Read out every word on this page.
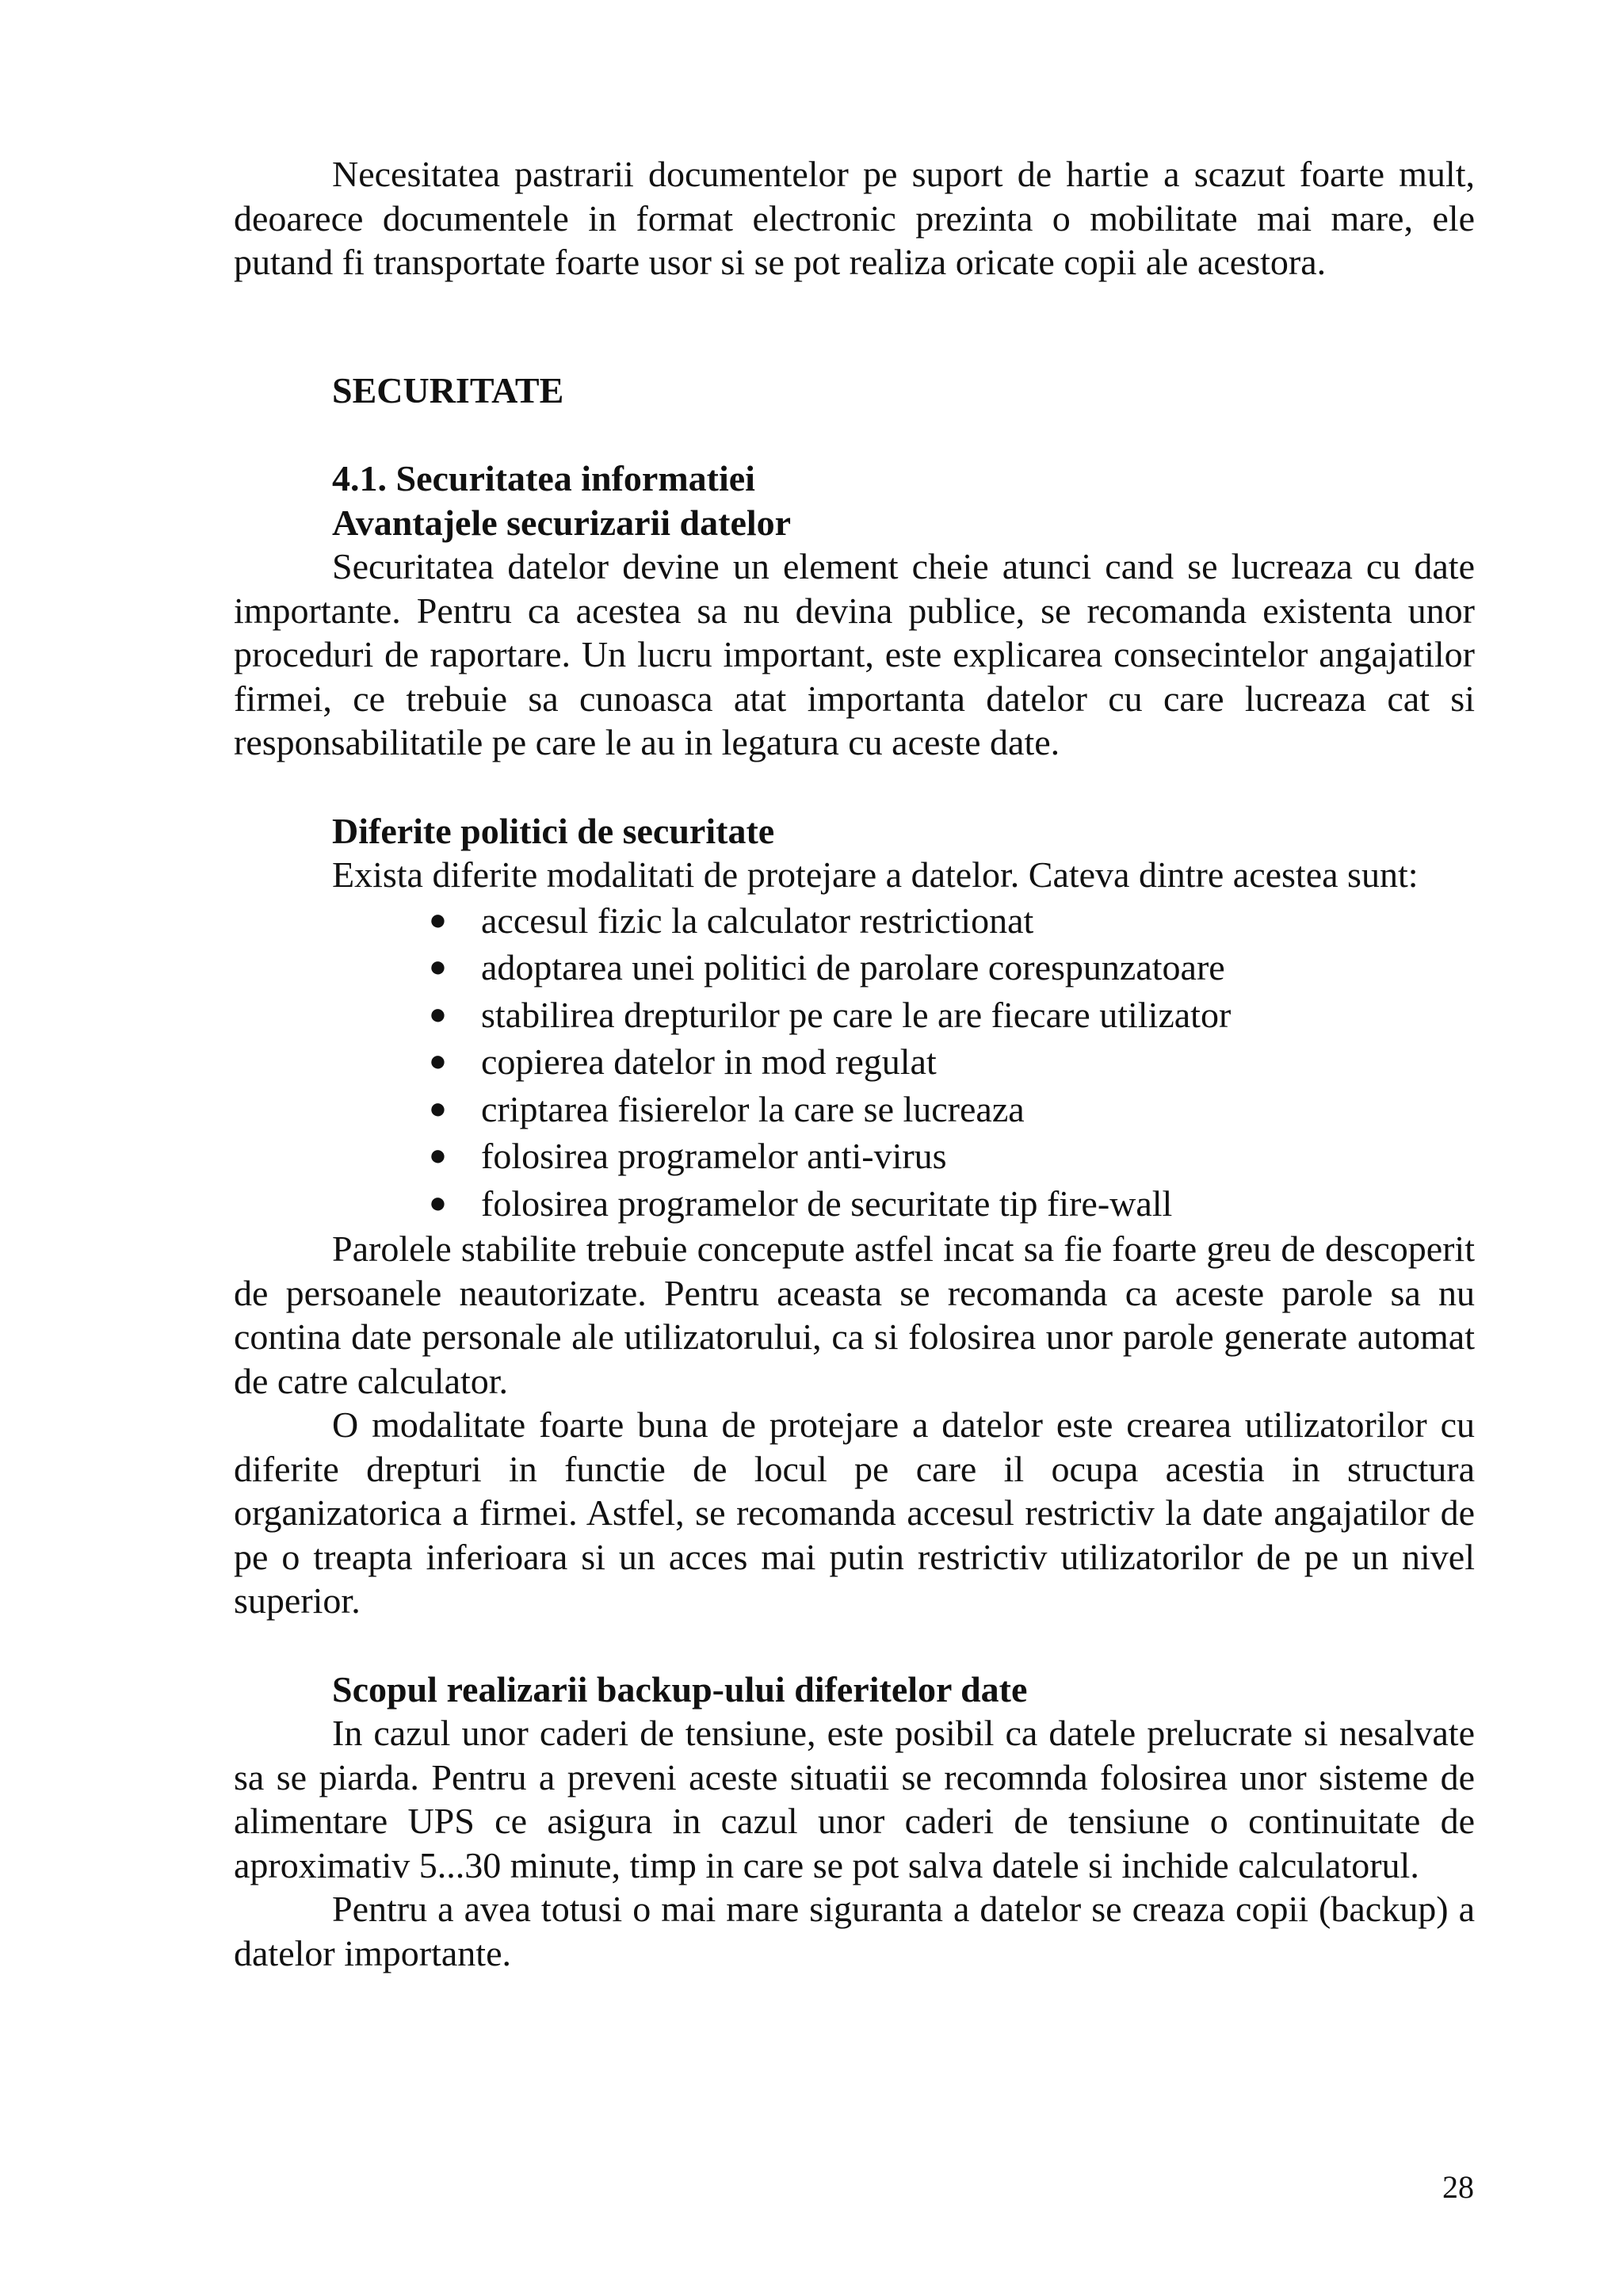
Necesitatea pastrarii documentelor pe suport de hartie a scazut foarte mult, deoarece documentele in format electronic prezinta o mobilitate mai mare, ele putand fi transportate foarte usor si se pot realiza oricate copii ale acestora.

SECURITATE
4.1. Securitatea informatiei
Avantajele securizarii datelor

Securitatea datelor devine un element cheie atunci cand se lucreaza cu date importante. Pentru ca acestea sa nu devina publice, se recomanda existenta unor proceduri de raportare. Un lucru important, este explicarea consecintelor angajatilor firmei, ce trebuie sa cunoasca atat importanta datelor cu care lucreaza cat si responsabilitatile pe care le au in legatura cu aceste date.

Diferite politici de securitate

Exista diferite modalitati de protejare a datelor. Cateva dintre acestea sunt:

● accesul fizic la calculator restrictionat
● adoptarea unei politici de parolare corespunzatoare
● stabilirea drepturilor pe care le are fiecare utilizator
● copierea datelor in mod regulat
● criptarea fisierelor la care se lucreaza
● folosirea programelor anti-virus
● folosirea programelor de securitate tip fire-wall

Parolele stabilite trebuie concepute astfel incat sa fie foarte greu de descoperit de persoanele neautorizate. Pentru aceasta se recomanda ca aceste parole sa nu contina date personale ale utilizatorului, ca si folosirea unor parole generate automat de catre calculator.

O modalitate foarte buna de protejare a datelor este crearea utilizatorilor cu diferite drepturi in functie de locul pe care il ocupa acestia in structura organizatorica a firmei. Astfel, se recomanda accesul restrictiv la date angajatilor de pe o treapta inferioara si un acces mai putin restrictiv utilizatorilor de pe un nivel superior.

Scopul realizarii backup-ului diferitelor date

In cazul unor caderi de tensiune, este posibil ca datele prelucrate si nesalvate sa se piarda. Pentru a preveni aceste situatii se recomnda folosirea unor sisteme de alimentare UPS ce asigura in cazul unor caderi de tensiune o continuitate de aproximativ 5...30 minute, timp in care se pot salva datele si inchide calculatorul.

Pentru a avea totusi o mai mare siguranta a datelor se creaza copii (backup) a datelor importante.

28
